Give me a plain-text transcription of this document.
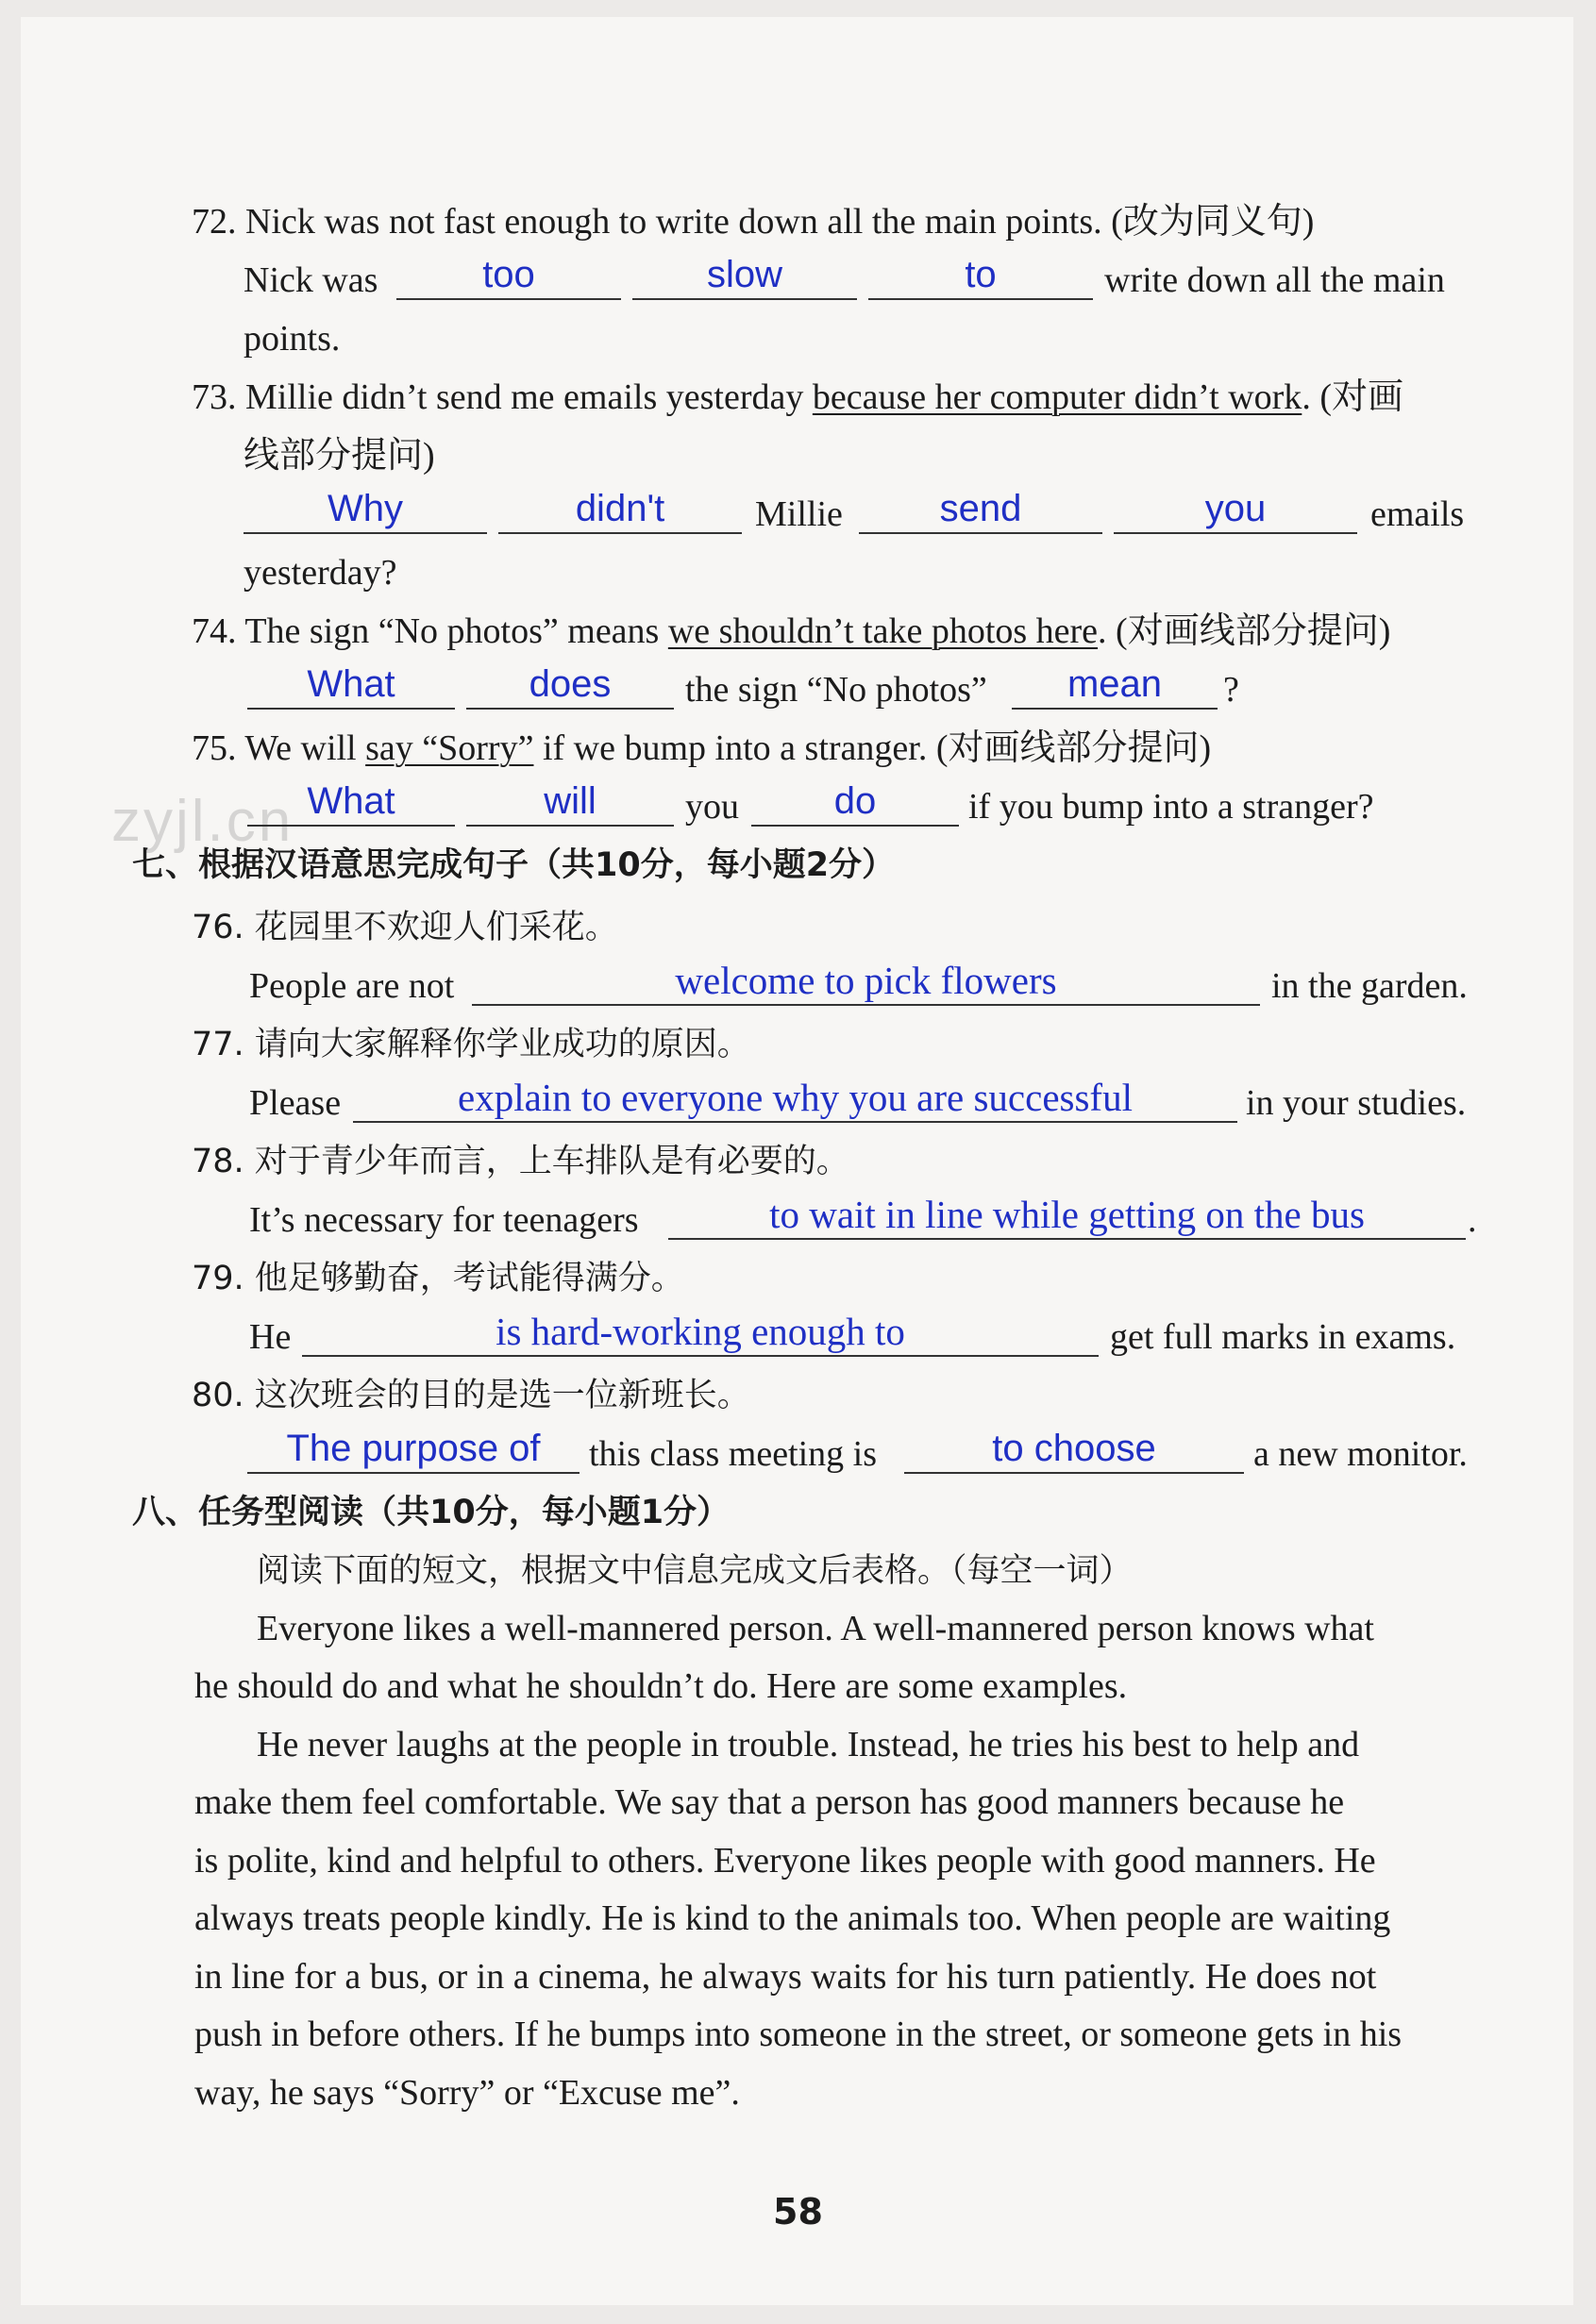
zyjl.cn
72. Nick was not fast enough to write down all the main points. (改为同义句)
Nick was	too	slow	to	write down all the main
points.
73. Millie didn’t send me emails yesterday because her computer didn’t work. (对画
线部分提问)
Why	didn't	Millie	send	you	emails
yesterday?
74. The sign “No photos” means we shouldn’t take photos here. (对画线部分提问)
What	does	the sign “No photos”	mean	?
75. We will say “Sorry” if we bump into a stranger. (对画线部分提问)
What	will	you	do	if you bump into a stranger?
七、根据汉语意思完成句子（共10分，每小题2分）
76. 花园里不欢迎人们采花。
People are not	welcome to pick flowers	in the garden.
77. 请向大家解释你学业成功的原因。
Please	explain to everyone why you are successful	in your studies.
78. 对于青少年而言，上车排队是有必要的。
It’s necessary for teenagers	to wait in line while getting on the bus	.
79. 他足够勤奋，考试能得满分。
He	is hard-working enough to	get full marks in exams.
80. 这次班会的目的是选一位新班长。
The purpose of	this class meeting is	to choose	a new monitor.
八、任务型阅读（共10分，每小题1分）
阅读下面的短文，根据文中信息完成文后表格。（每空一词）
Everyone likes a well-mannered person. A well-mannered person knows what
he should do and what he shouldn’t do. Here are some examples.
He never laughs at the people in trouble. Instead, he tries his best to help and
make them feel comfortable. We say that a person has good manners because he
is polite, kind and helpful to others. Everyone likes people with good manners. He
always treats people kindly. He is kind to the animals too. When people are waiting
in line for a bus, or in a cinema, he always waits for his turn patiently. He does not
push in before others. If he bumps into someone in the street, or someone gets in his
way, he says “Sorry” or “Excuse me”.
58
